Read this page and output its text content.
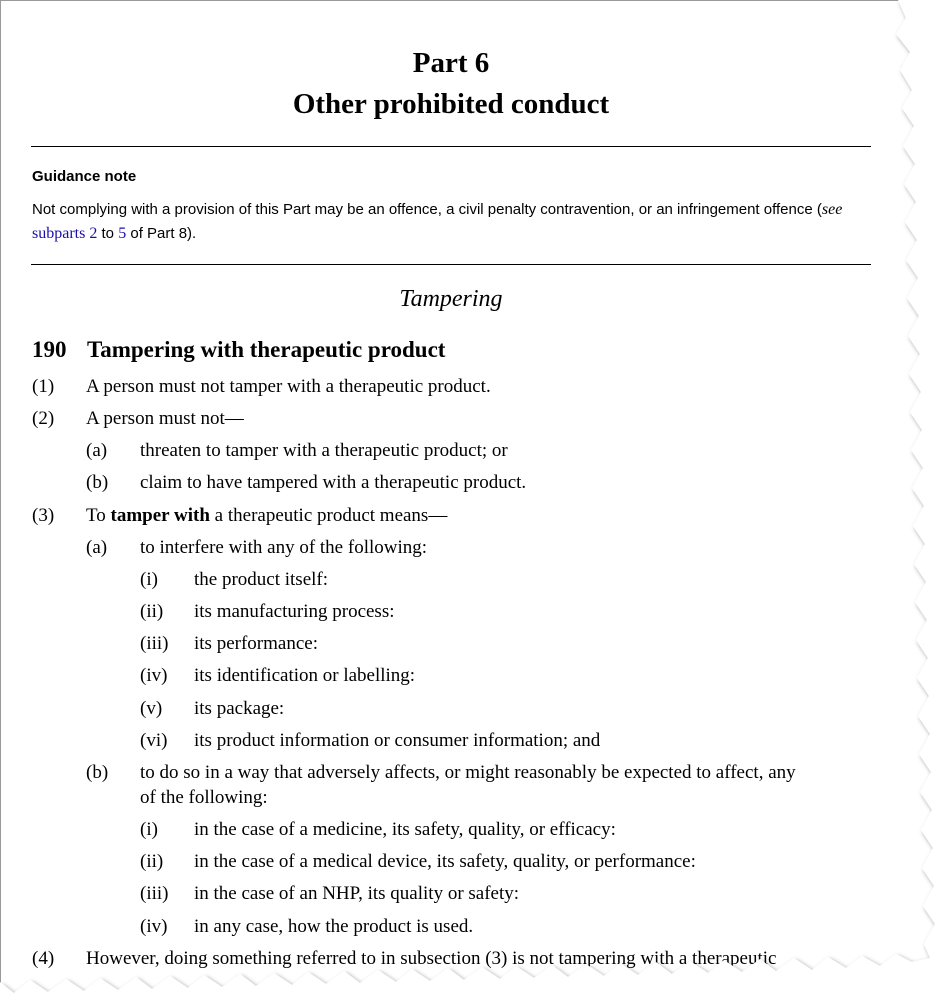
Part 6
Other prohibited conduct
Guidance note
Not complying with a provision of this Part may be an offence, a civil penalty contravention, or an infringement offence (see subparts 2 to 5 of Part 8).
Tampering
190 Tampering with therapeutic product
(1) A person must not tamper with a therapeutic product.
(2) A person must not—
(a) threaten to tamper with a therapeutic product; or
(b) claim to have tampered with a therapeutic product.
(3) To tamper with a therapeutic product means—
(a) to interfere with any of the following:
(i) the product itself:
(ii) its manufacturing process:
(iii) its performance:
(iv) its identification or labelling:
(v) its package:
(vi) its product information or consumer information; and
(b) to do so in a way that adversely affects, or might reasonably be expected to affect, any
of the following:
(i) in the case of a medicine, its safety, quality, or efficacy:
(ii) in the case of a medical device, its safety, quality, or performance:
(iii) in the case of an NHP, its quality or safety:
(iv) in any case, how the product is used.
(4) However, doing something referred to in subsection (3) is not tampering with a therapeutic
